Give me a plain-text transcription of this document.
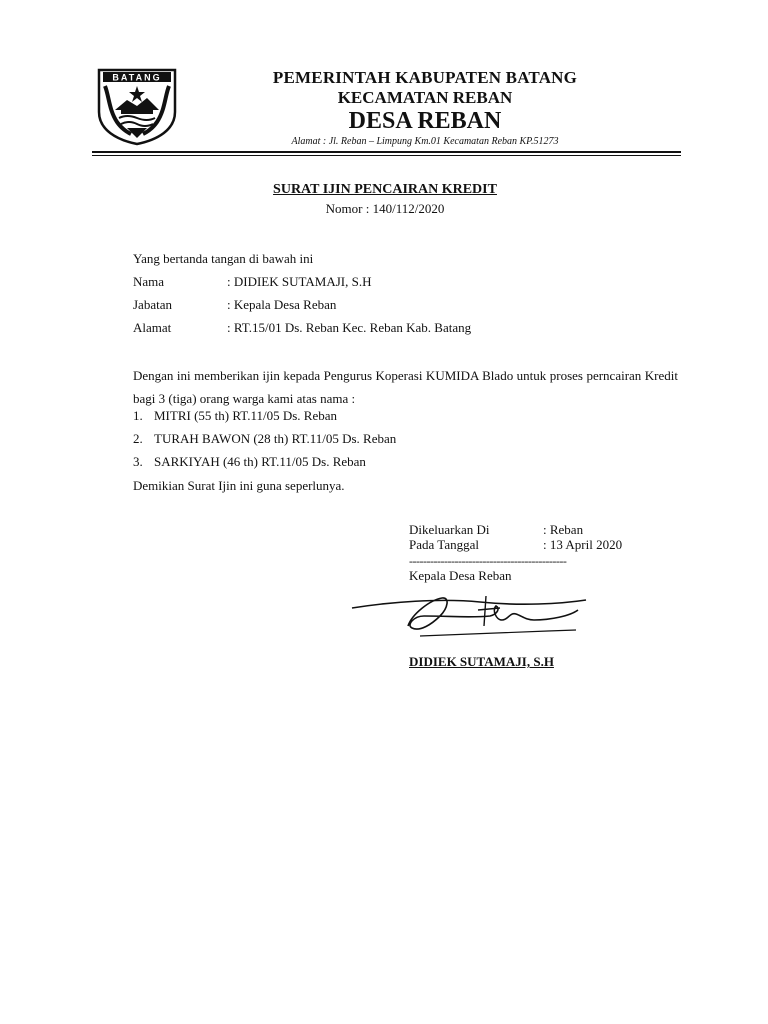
BATANG	PEMERINTAH KABUPATEN BATANG
KECAMATAN REBAN
DESA REBAN
Alamat : Jl. Reban – Limpung Km.01 Kecamatan Reban KP.51273
SURAT IJIN PENCAIRAN KREDIT
Nomor : 140/112/2020
Yang bertanda tangan di bawah ini
Nama	: DIDIEK SUTAMAJI, S.H
Jabatan	: Kepala Desa Reban
Alamat	: RT.15/01 Ds. Reban Kec. Reban Kab. Batang
Dengan ini memberikan ijin kepada Pengurus Koperasi KUMIDA Blado untuk proses perncairan Kredit bagi 3 (tiga) orang warga kami atas nama :
1. MITRI (55 th) RT.11/05 Ds. Reban
2. TURAH BAWON (28 th) RT.11/05 Ds. Reban
3. SARKIYAH (46 th) RT.11/05 Ds. Reban
Demikian Surat Ijin ini guna seperlunya.
Dikeluarkan Di	: Reban
Pada Tanggal	: 13 April 2020
---------------------------------------------
Kepala Desa Reban
DIDIEK SUTAMAJI, S.H
